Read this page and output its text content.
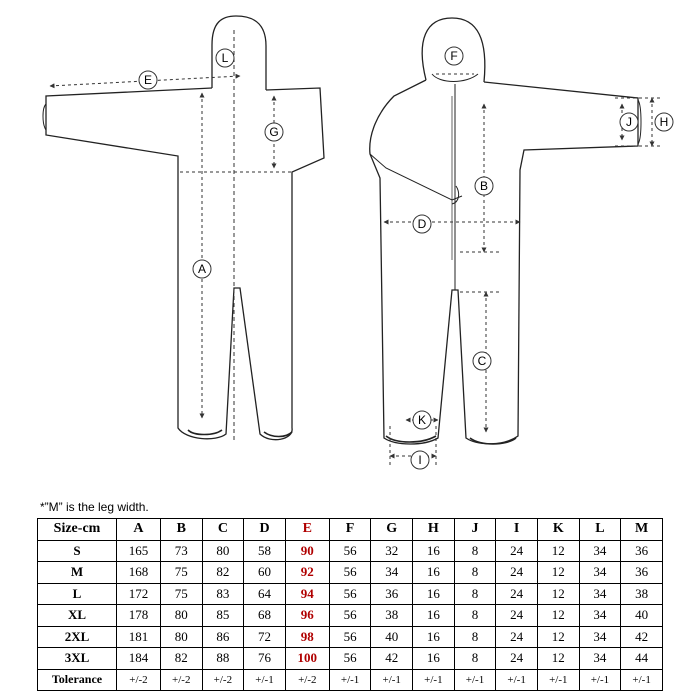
E
L
G
A
F
J H
B
D
C
K
I
*”M” is the leg width.
Size-cm	A	B	C	D	E	F	G	H	J	I	K	L	M
S	165	73	80	58	90	56	32	16	8	24	12	34	36
M	168	75	82	60	92	56	34	16	8	24	12	34	36
L	172	75	83	64	94	56	36	16	8	24	12	34	38
XL	178	80	85	68	96	56	38	16	8	24	12	34	40
2XL	181	80	86	72	98	56	40	16	8	24	12	34	42
3XL	184	82	88	76	100	56	42	16	8	24	12	34	44
Tolerance	+/-2	+/-2	+/-2	+/-1	+/-2	+/-1	+/-1	+/-1	+/-1	+/-1	+/-1	+/-1	+/-1
